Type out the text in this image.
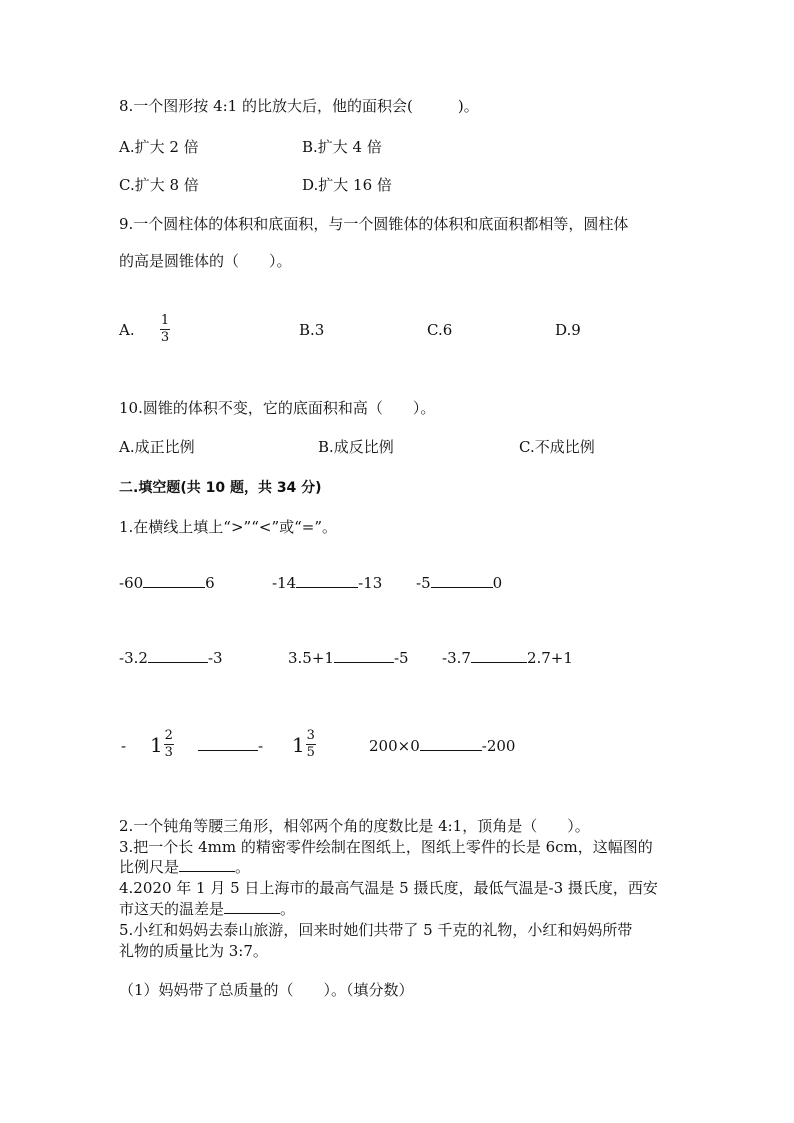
8.一个图形按 4:1 的比放大后，他的面积会(　　　)。
A.扩大 2 倍	B.扩大 4 倍
C.扩大 8 倍	D.扩大 16 倍
9.一个圆柱体的体积和底面积，与一个圆锥体的体积和底面积都相等，圆柱体
的高是圆锥体的（　　）。
A.
1
3	B.3	C.6	D.9
10.圆锥的体积不变，它的底面积和高（　　）。
A.成正比例	B.成反比例	C.不成比例
二.填空题(共 10 题，共 34 分)
1.在横线上填上“>”“<”或“=”。
-60	6	-14	-13 -5	0
-3.2	-3	3.5+1	-5 -3.7	2.7+1
- $1 \frac{2}{3}$	- $1 \frac{3}{5}$	200×0	-200
2.一个钝角等腰三角形，相邻两个角的度数比是 4:1，顶角是（　　）。
3.把一个长 4mm 的精密零件绘制在图纸上，图纸上零件的长是 6cm，这幅图的
比例尺是	。
4.2020 年 1 月 5 日上海市的最高气温是 5 摄氏度，最低气温是-3 摄氏度，西安
市这天的温差是	。
5.小红和妈妈去泰山旅游，回来时她们共带了 5 千克的礼物，小红和妈妈所带
礼物的质量比为 3:7。
（1）妈妈带了总质量的（　　）。（填分数）
